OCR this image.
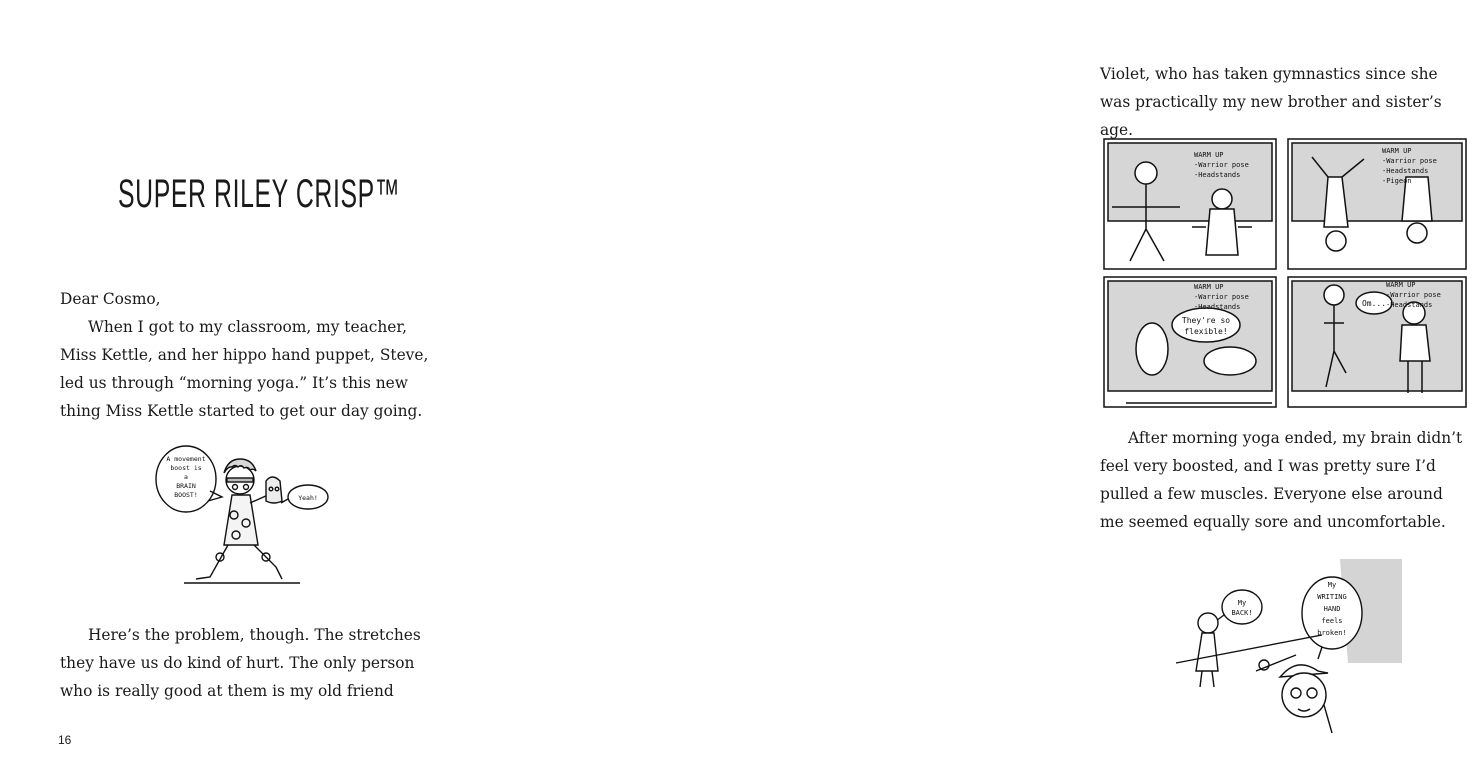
SUPER RILEY CRISP™

Dear Cosmo,

When I got to my classroom, my teacher, Miss Kettle, and her hippo hand puppet, Steve, led us through “morning yoga.” It’s this new thing Miss Kettle started to get our day going.

A movement
boost is
a
BRAIN
BOOST!	Yeah!

Here’s the problem, though. The stretches they have us do kind of hurt. The only person who is really good at them is my old friend

16

Violet, who has taken gymnastics since she was practically my new brother and sister’s age.

WARM UP
-Warrior pose
-Headstands
WARM UP
-Warrior pose
-Headstands
-Pigeon
WARM UP
-Warrior pose
-Headstands
WARM UP
-Warrior pose
-Headstands
They're so
flexible!
Om...

After morning yoga ended, my brain didn’t feel very boosted, and I was pretty sure I’d pulled a few muscles. Everyone else around me seemed equally sore and uncomfortable.

My
BACK!
My
WRITING
HAND
feels
broken!
